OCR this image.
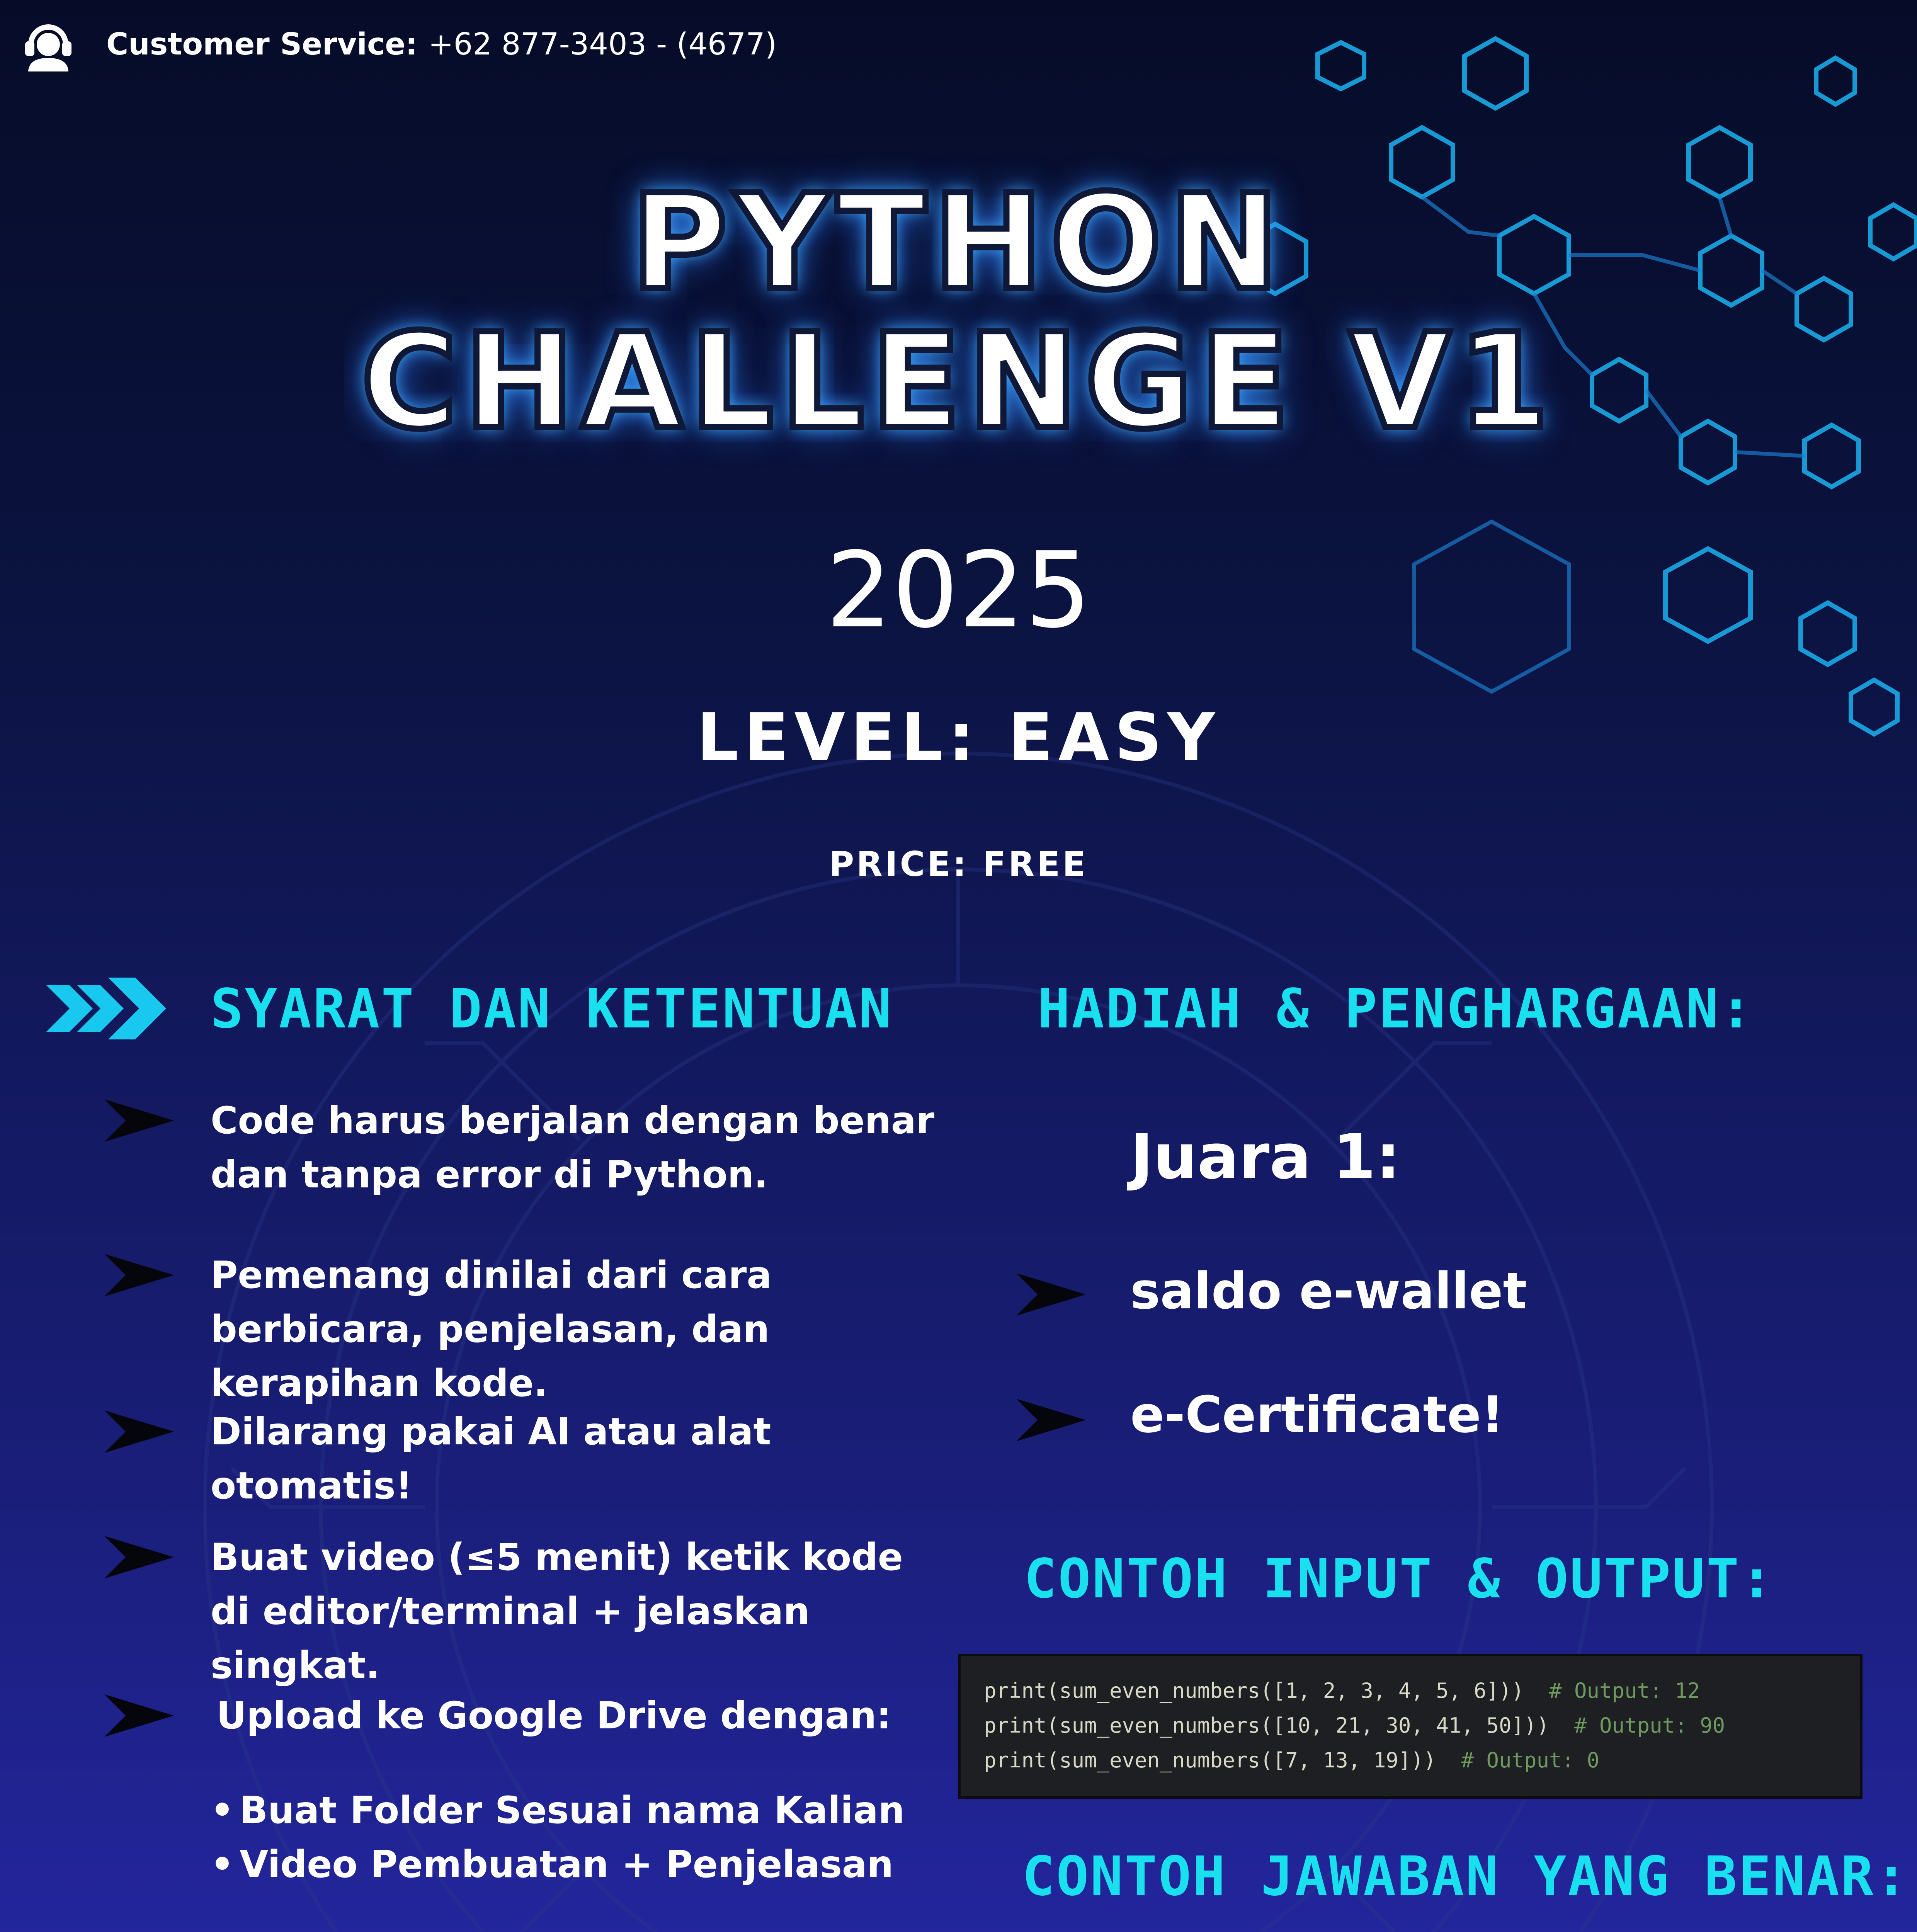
Customer Service: +62 877-3403 - (4677)
PYTHON
CHALLENGE V1
2025
LEVEL: EASY
PRICE: FREE
SYARAT DAN KETENTUAN
Code harus berjalan dengan benar dan tanpa error di Python.
Pemenang dinilai dari cara berbicara, penjelasan, dan kerapihan kode.
Dilarang pakai AI atau alat otomatis!
Buat video (≤5 menit) ketik kode di editor/terminal + jelaskan singkat.
Upload ke Google Drive dengan:
• Buat Folder Sesuai nama Kalian
• Video Pembuatan + Penjelasan
HADIAH & PENGHARGAAN:
Juara 1:
saldo e-wallet
e-Certificate!
CONTOH INPUT & OUTPUT:
print(sum_even_numbers([1, 2, 3, 4, 5, 6])) # Output: 12
print(sum_even_numbers([10, 21, 30, 41, 50])) # Output: 90
print(sum_even_numbers([7, 13, 19])) # Output: 0
CONTOH JAWABAN YANG BENAR:
